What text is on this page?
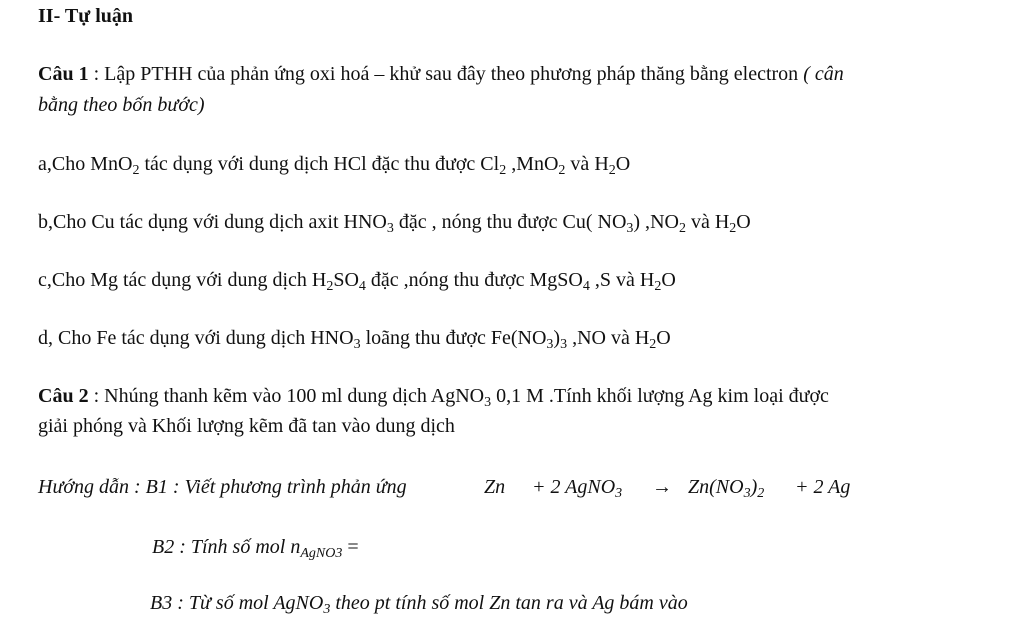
II- Tự luận
Câu 1 : Lập PTHH của phản ứng oxi hoá – khử sau đây theo phương pháp thăng bằng electron ( cân
bằng theo bốn bước)
a,Cho MnO$_2$ tác dụng với dung dịch HCl đặc thu được $Cl_2$ ,MnO$_2$ và $H_2O$
b,Cho Cu tác dụng với dung dịch axit $HNO_3$ đặc , nóng thu được Cu( $NO_3$) $,NO_2$ và $H_2O$
c,Cho Mg tác dụng với dung dịch $H_2SO_4$ đặc ,nóng thu được MgSO$_4$ ,S và $H_2O$
d, Cho Fe tác dụng với dung dịch $HNO_3$ loãng thu được $Fe(NO_3)_3$ ,NO và $H_2O$
Câu 2 : Nhúng thanh kẽm vào 100 ml dung dịch AgNO$_3$ 0,1 M .Tính khối lượng Ag kim loại được
giải phóng và Khối lượng kẽm đã tan vào dung dịch
Hướng dẫn : B1 : Viết phương trình phản ứng	Zn + 2 AgNO$_3$ → $Zn(NO_3)_2 + 2$ Ag
B2 : Tính số mol $n_{AgNO3}$ =
B3 : Từ số mol AgNO$_3$ theo pt tính số mol Zn tan ra và Ag bám vào
